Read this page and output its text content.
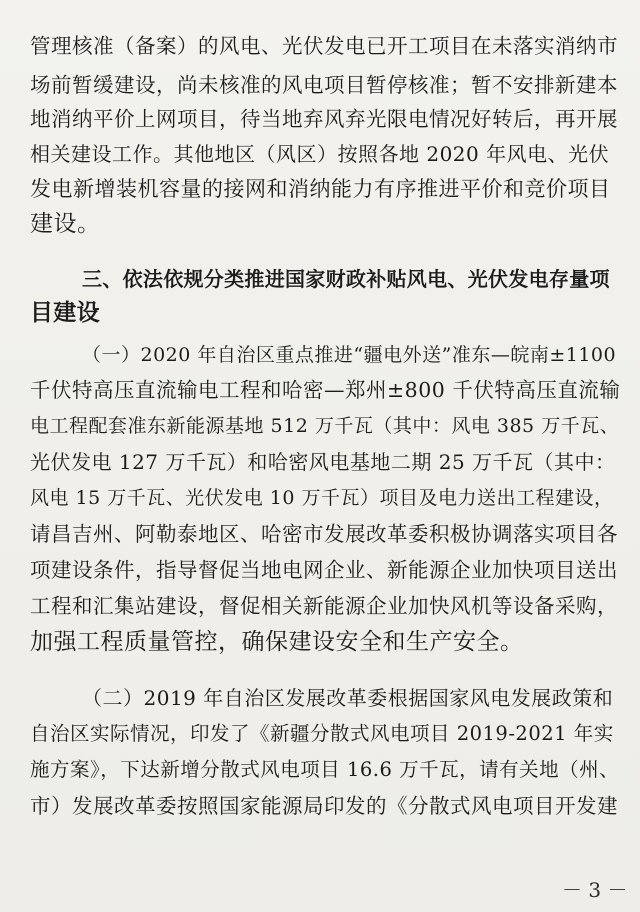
管理核准（备案）的风电、光伏发电已开工项目在未落实消纳市
场前暂缓建设，尚未核准的风电项目暂停核准；暂不安排新建本
地消纳平价上网项目，待当地弃风弃光限电情况好转后，再开展
相关建设工作。其他地区（风区）按照各地 2020 年风电、光伏
发电新增装机容量的接网和消纳能力有序推进平价和竞价项目
建设。
三、依法依规分类推进国家财政补贴风电、光伏发电存量项
目建设
（一）2020 年自治区重点推进“疆电外送”准东—皖南±1100
千伏特高压直流输电工程和哈密—郑州±800 千伏特高压直流输
电工程配套准东新能源基地 512 万千瓦（其中：风电 385 万千瓦、
光伏发电 127 万千瓦）和哈密风电基地二期 25 万千瓦（其中：
风电 15 万千瓦、光伏发电 10 万千瓦）项目及电力送出工程建设，
请昌吉州、阿勒泰地区、哈密市发展改革委积极协调落实项目各
项建设条件，指导督促当地电网企业、新能源企业加快项目送出
工程和汇集站建设，督促相关新能源企业加快风机等设备采购，
加强工程质量管控，确保建设安全和生产安全。
（二）2019 年自治区发展改革委根据国家风电发展政策和
自治区实际情况，印发了《新疆分散式风电项目 2019-2021 年实
施方案》，下达新增分散式风电项目 16.6 万千瓦，请有关地（州、
市）发展改革委按照国家能源局印发的《分散式风电项目开发建
－ 3 －
